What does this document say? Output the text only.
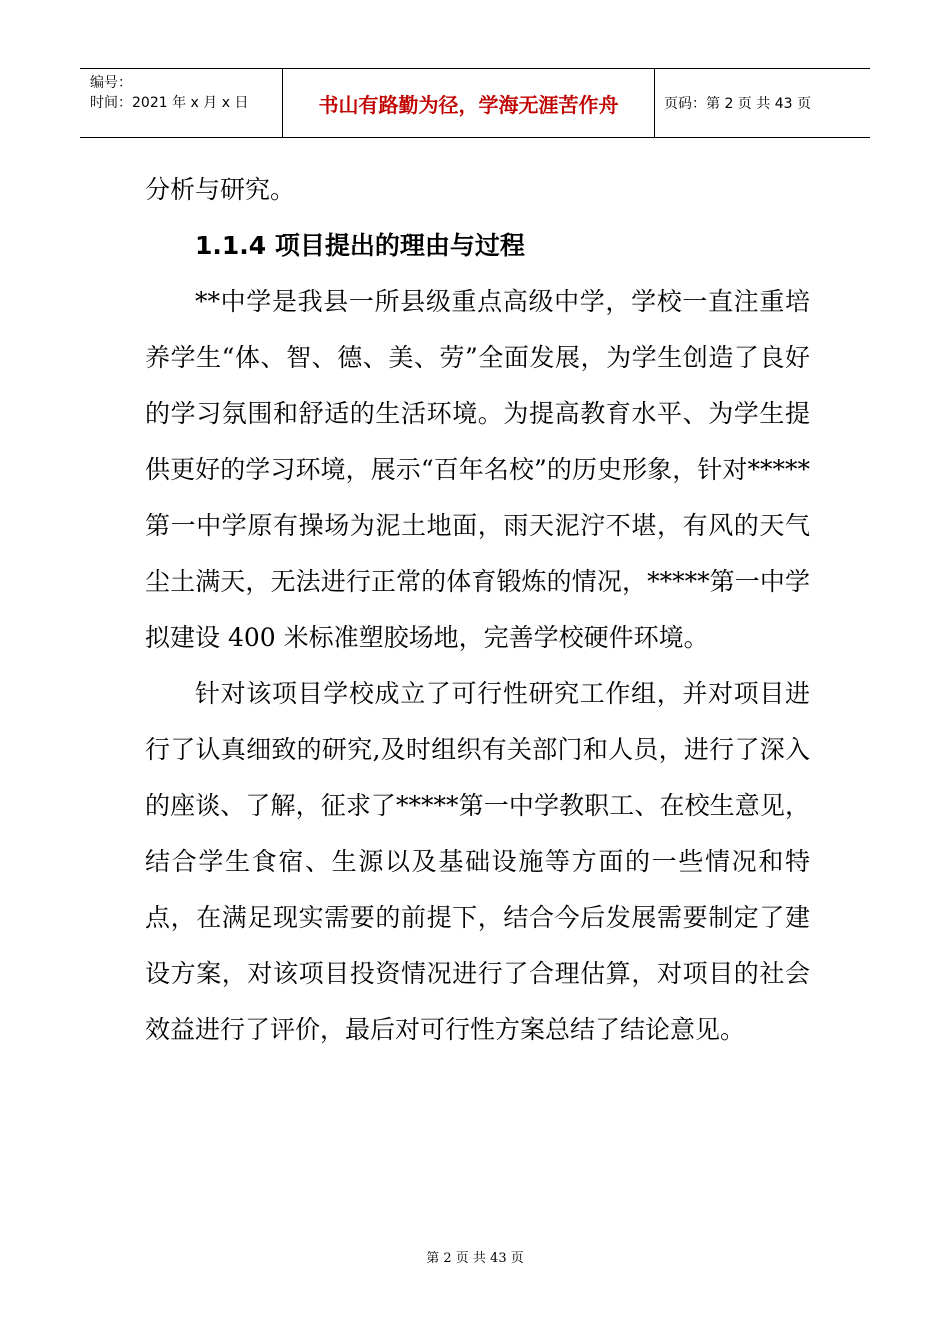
编号：
时间：2021 年 x 月 x 日	书山有路勤为径，学海无涯苦作舟	页码：第 2 页 共 43 页

分析与研究。

1.1.4 项目提出的理由与过程

**中学是我县一所县级重点高级中学，学校一直注重培养学生“体、智、德、美、劳”全面发展，为学生创造了良好的学习氛围和舒适的生活环境。为提高教育水平、为学生提供更好的学习环境，展示“百年名校”的历史形象，针对*****第一中学原有操场为泥土地面，雨天泥泞不堪，有风的天气尘土满天，无法进行正常的体育锻炼的情况，*****第一中学拟建设 400 米标准塑胶场地，完善学校硬件环境。

针对该项目学校成立了可行性研究工作组，并对项目进行了认真细致的研究,及时组织有关部门和人员，进行了深入的座谈、了解，征求了*****第一中学教职工、在校生意见，结合学生食宿、生源以及基础设施等方面的一些情况和特点，在满足现实需要的前提下，结合今后发展需要制定了建设方案，对该项目投资情况进行了合理估算，对项目的社会效益进行了评价，最后对可行性方案总结了结论意见。

第 2 页 共 43 页
